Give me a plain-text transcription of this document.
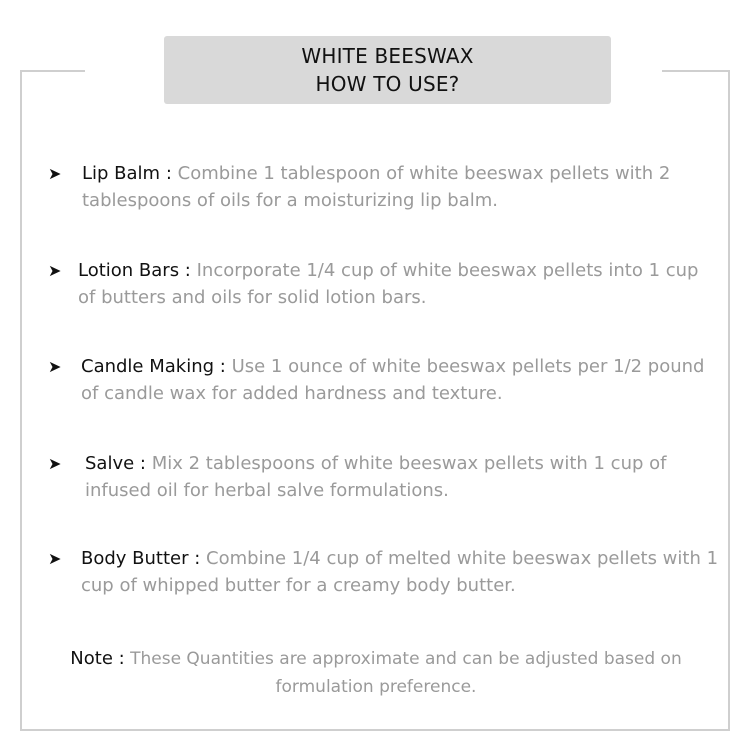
WHITE BEESWAX
HOW TO USE?
➤	Lip Balm : Combine 1 tablespoon of white beeswax pellets with 2 tablespoons of oils for a moisturizing lip balm.
➤ Lotion Bars : Incorporate 1/4 cup of white beeswax pellets into 1 cup of butters and oils for solid lotion bars.
➤	Candle Making : Use 1 ounce of white beeswax pellets per 1/2 pound of candle wax for added hardness and texture.
➤	Salve : Mix 2 tablespoons of white beeswax pellets with 1 cup of infused oil for herbal salve formulations.
➤	Body Butter : Combine 1/4 cup of melted white beeswax pellets with 1 cup of whipped butter for a creamy body butter.
Note : These Quantities are approximate and can be adjusted based on formulation preference.
